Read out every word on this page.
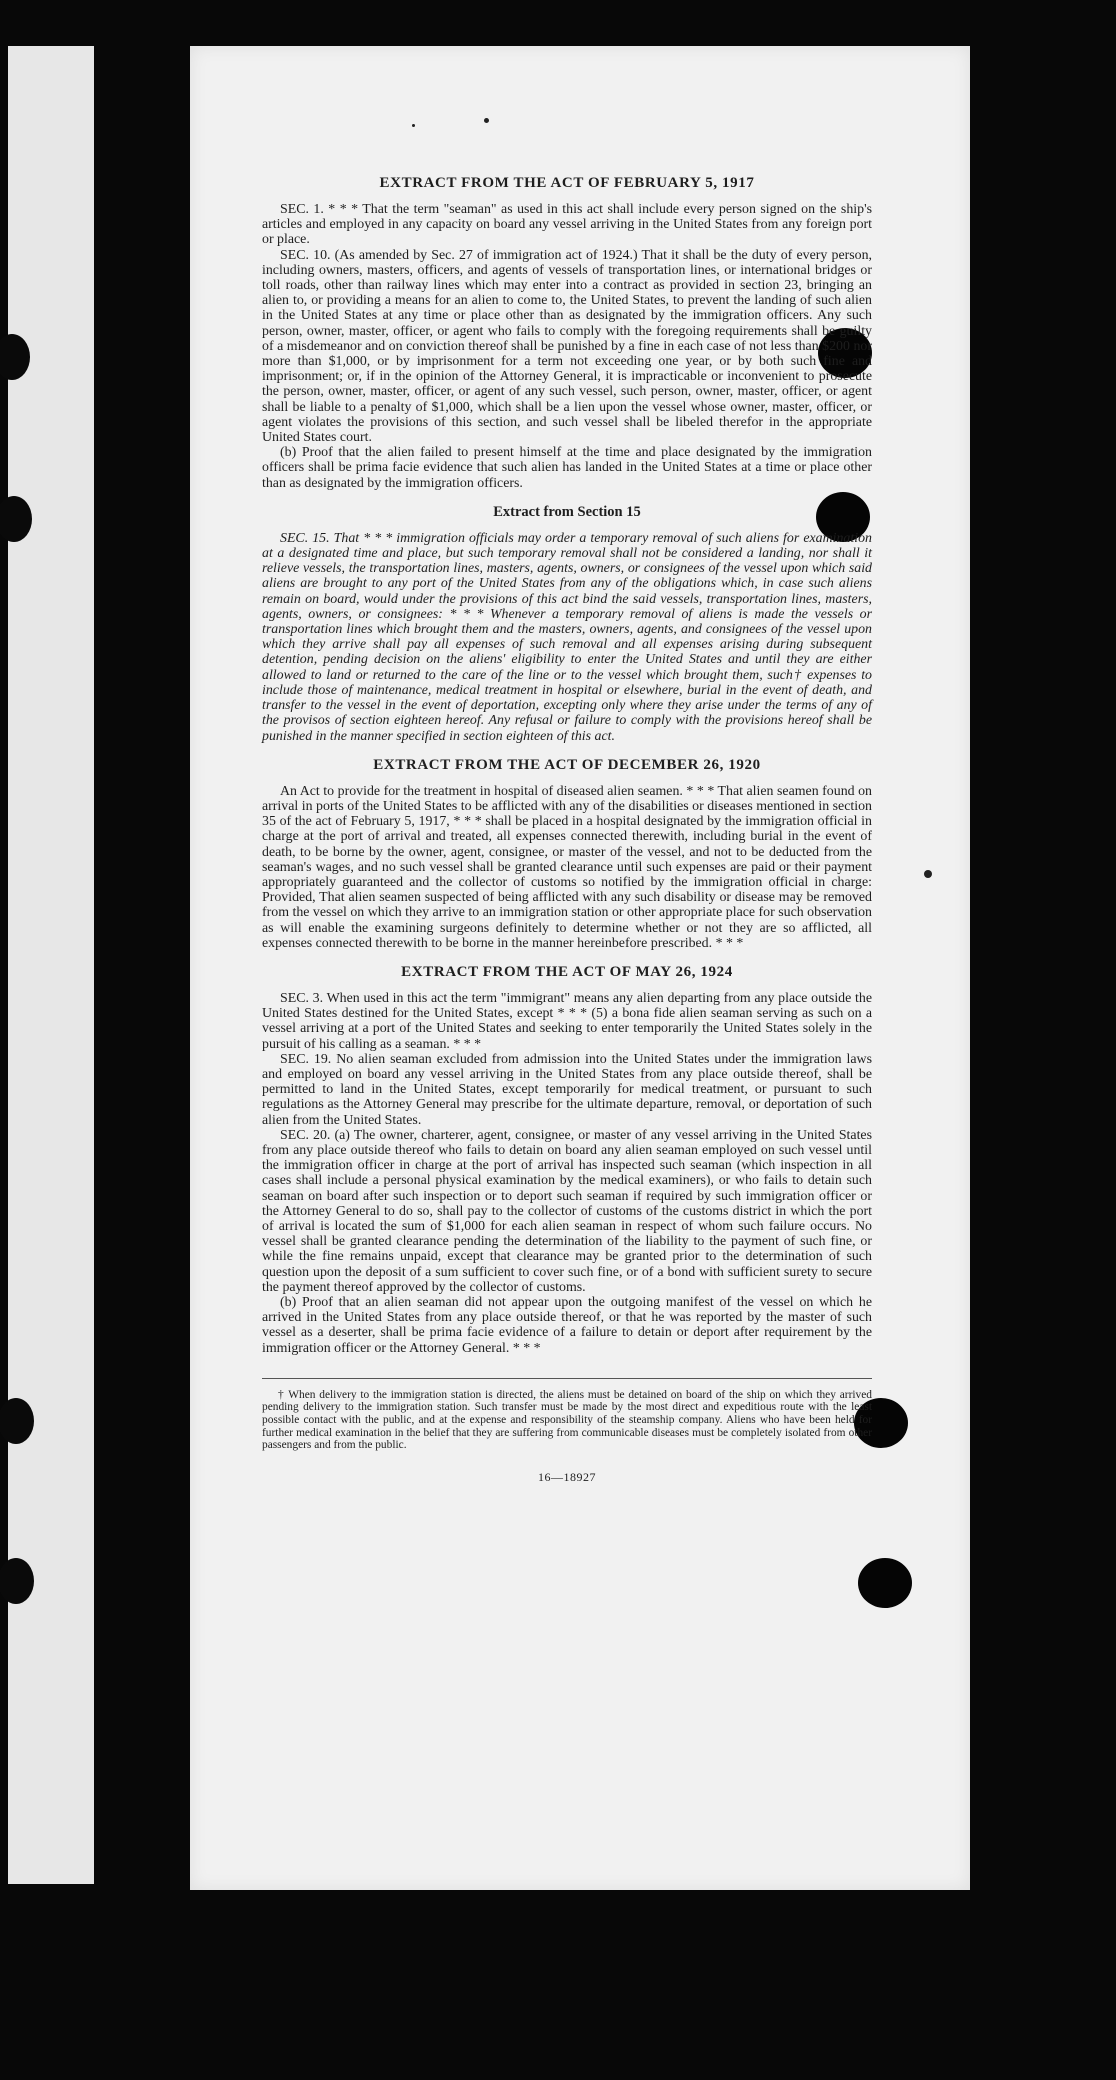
EXTRACT FROM THE ACT OF FEBRUARY 5, 1917

SEC. 1. * * * That the term "seaman" as used in this act shall include every person signed on the ship's articles and employed in any capacity on board any vessel arriving in the United States from any foreign port or place.

SEC. 10. (As amended by Sec. 27 of immigration act of 1924.) That it shall be the duty of every person, including owners, masters, officers, and agents of vessels of transportation lines, or international bridges or toll roads, other than railway lines which may enter into a contract as provided in section 23, bringing an alien to, or providing a means for an alien to come to, the United States, to prevent the landing of such alien in the United States at any time or place other than as designated by the immigration officers. Any such person, owner, master, officer, or agent who fails to comply with the foregoing requirements shall be guilty of a misdemeanor and on conviction thereof shall be punished by a fine in each case of not less than $200 nor more than $1,000, or by imprisonment for a term not exceeding one year, or by both such fine and imprisonment; or, if in the opinion of the Attorney General, it is impracticable or inconvenient to prosecute the person, owner, master, officer, or agent of any such vessel, such person, owner, master, officer, or agent shall be liable to a penalty of $1,000, which shall be a lien upon the vessel whose owner, master, officer, or agent violates the provisions of this section, and such vessel shall be libeled therefor in the appropriate United States court.

(b) Proof that the alien failed to present himself at the time and place designated by the immigration officers shall be prima facie evidence that such alien has landed in the United States at a time or place other than as designated by the immigration officers.

Extract from Section 15

SEC. 15. That * * * immigration officials may order a temporary removal of such aliens for examination at a designated time and place, but such temporary removal shall not be considered a landing, nor shall it relieve vessels, the transportation lines, masters, agents, owners, or consignees of the vessel upon which said aliens are brought to any port of the United States from any of the obligations which, in case such aliens remain on board, would under the provisions of this act bind the said vessels, transportation lines, masters, agents, owners, or consignees: * * * Whenever a temporary removal of aliens is made the vessels or transportation lines which brought them and the masters, owners, agents, and consignees of the vessel upon which they arrive shall pay all expenses of such removal and all expenses arising during subsequent detention, pending decision on the aliens' eligibility to enter the United States and until they are either allowed to land or returned to the care of the line or to the vessel which brought them, such† expenses to include those of maintenance, medical treatment in hospital or elsewhere, burial in the event of death, and transfer to the vessel in the event of deportation, excepting only where they arise under the terms of any of the provisos of section eighteen hereof. Any refusal or failure to comply with the provisions hereof shall be punished in the manner specified in section eighteen of this act.

EXTRACT FROM THE ACT OF DECEMBER 26, 1920

An Act to provide for the treatment in hospital of diseased alien seamen. * * * That alien seamen found on arrival in ports of the United States to be afflicted with any of the disabilities or diseases mentioned in section 35 of the act of February 5, 1917, * * * shall be placed in a hospital designated by the immigration official in charge at the port of arrival and treated, all expenses connected therewith, including burial in the event of death, to be borne by the owner, agent, consignee, or master of the vessel, and not to be deducted from the seaman's wages, and no such vessel shall be granted clearance until such expenses are paid or their payment appropriately guaranteed and the collector of customs so notified by the immigration official in charge: Provided, That alien seamen suspected of being afflicted with any such disability or disease may be removed from the vessel on which they arrive to an immigration station or other appropriate place for such observation as will enable the examining surgeons definitely to determine whether or not they are so afflicted, all expenses connected therewith to be borne in the manner hereinbefore prescribed. * * *

EXTRACT FROM THE ACT OF MAY 26, 1924

SEC. 3. When used in this act the term "immigrant" means any alien departing from any place outside the United States destined for the United States, except * * * (5) a bona fide alien seaman serving as such on a vessel arriving at a port of the United States and seeking to enter temporarily the United States solely in the pursuit of his calling as a seaman. * * *

SEC. 19. No alien seaman excluded from admission into the United States under the immigration laws and employed on board any vessel arriving in the United States from any place outside thereof, shall be permitted to land in the United States, except temporarily for medical treatment, or pursuant to such regulations as the Attorney General may prescribe for the ultimate departure, removal, or deportation of such alien from the United States.

SEC. 20. (a) The owner, charterer, agent, consignee, or master of any vessel arriving in the United States from any place outside thereof who fails to detain on board any alien seaman employed on such vessel until the immigration officer in charge at the port of arrival has inspected such seaman (which inspection in all cases shall include a personal physical examination by the medical examiners), or who fails to detain such seaman on board after such inspection or to deport such seaman if required by such immigration officer or the Attorney General to do so, shall pay to the collector of customs of the customs district in which the port of arrival is located the sum of $1,000 for each alien seaman in respect of whom such failure occurs. No vessel shall be granted clearance pending the determination of the liability to the payment of such fine, or while the fine remains unpaid, except that clearance may be granted prior to the determination of such question upon the deposit of a sum sufficient to cover such fine, or of a bond with sufficient surety to secure the payment thereof approved by the collector of customs.

(b) Proof that an alien seaman did not appear upon the outgoing manifest of the vessel on which he arrived in the United States from any place outside thereof, or that he was reported by the master of such vessel as a deserter, shall be prima facie evidence of a failure to detain or deport after requirement by the immigration officer or the Attorney General. * * *

† When delivery to the immigration station is directed, the aliens must be detained on board of the ship on which they arrived pending delivery to the immigration station. Such transfer must be made by the most direct and expeditious route with the least possible contact with the public, and at the expense and responsibility of the steamship company. Aliens who have been held for further medical examination in the belief that they are suffering from communicable diseases must be completely isolated from other passengers and from the public.

16—18927
